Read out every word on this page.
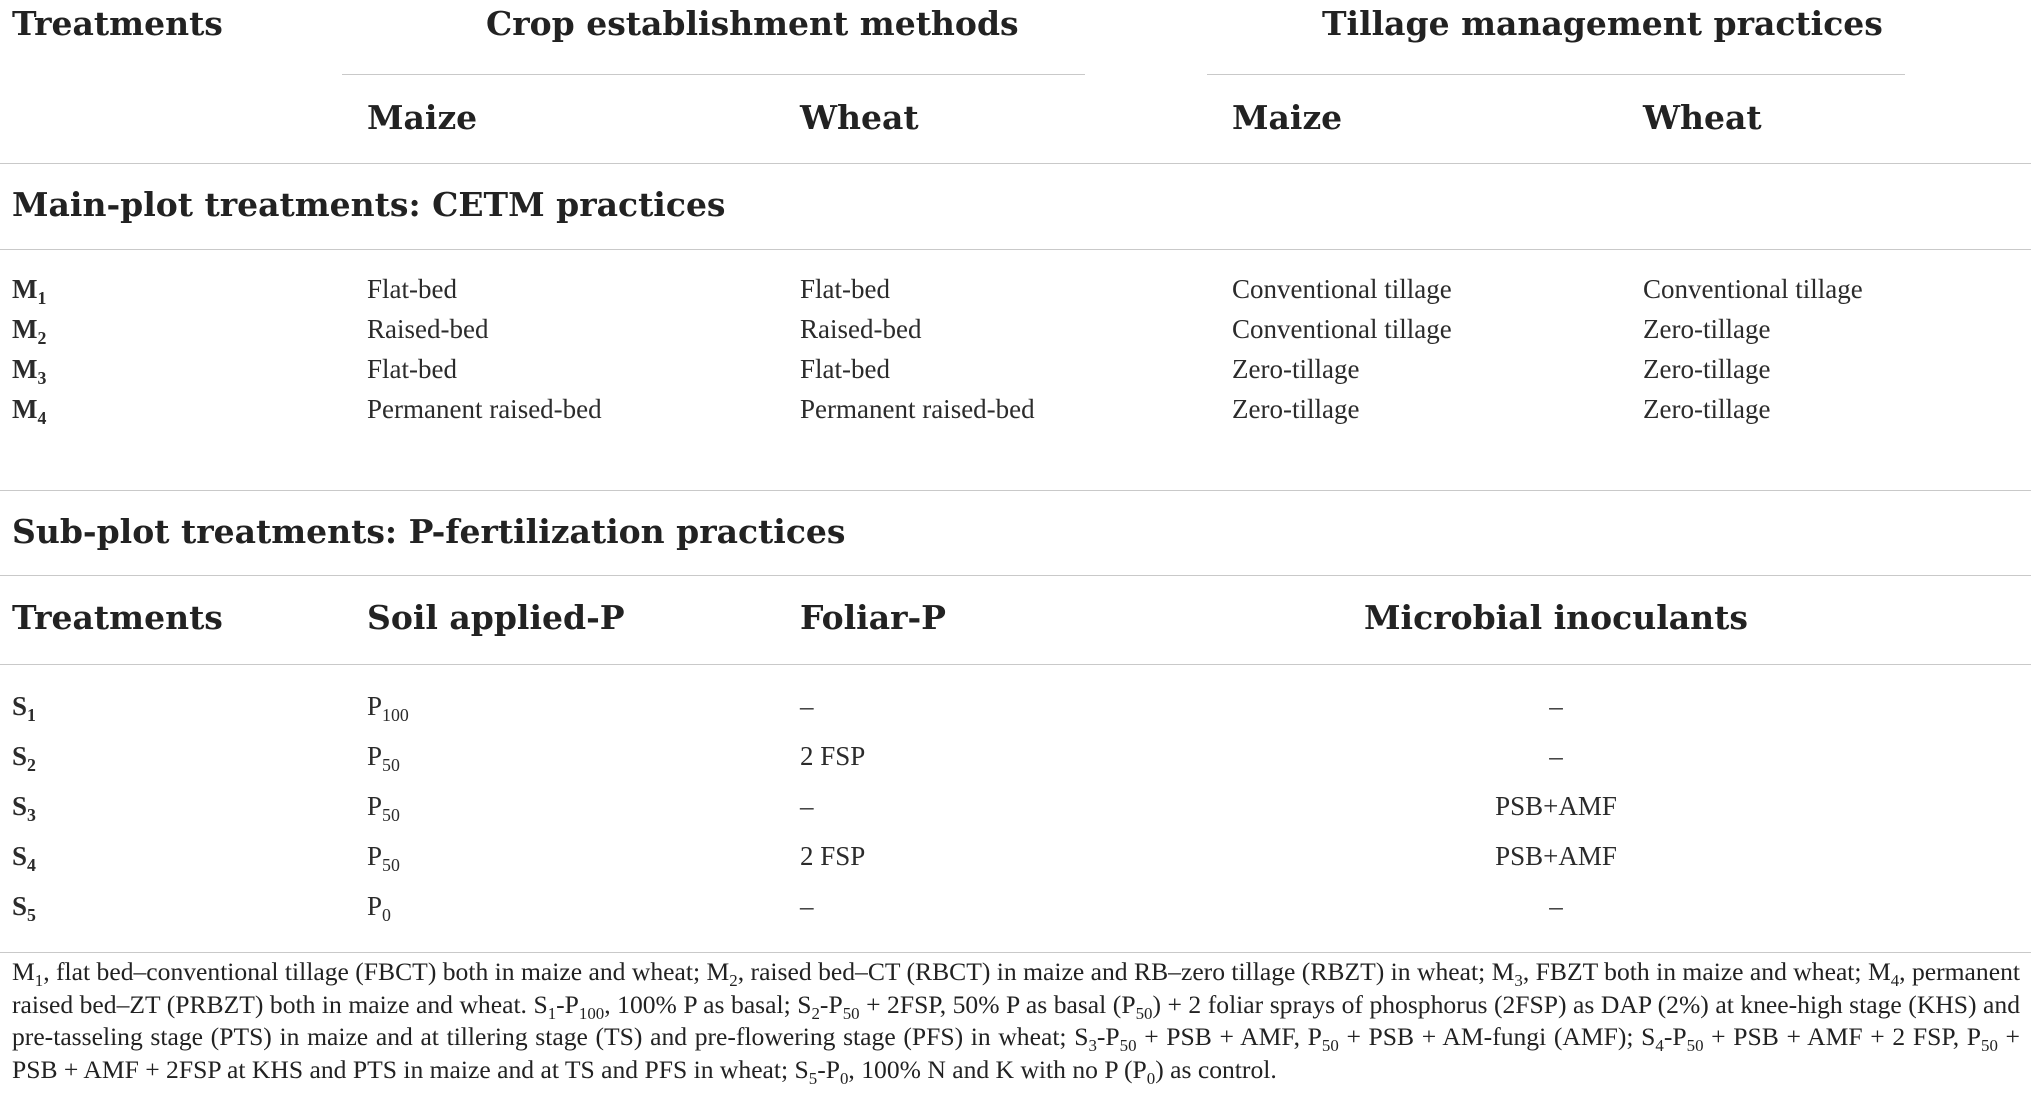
Treatments	Crop establishment methods	Tillage management practices
Maize	Wheat	Maize	Wheat
Main-plot treatments: CETM practices
$M_1$	Flat-bed	Flat-bed	Conventional tillage	Conventional tillage
$M_2$	Raised-bed	Raised-bed	Conventional tillage	Zero-tillage
$M_3$	Flat-bed	Flat-bed	Zero-tillage	Zero-tillage
$M_4$	Permanent raised-bed	Permanent raised-bed	Zero-tillage	Zero-tillage
Sub-plot treatments: P-fertilization practices
Treatments	Soil applied-P	Foliar-P	Microbial inoculants
$S_1$	$P_{100}$	–	–
$S_2$	$P_{50}$	2 FSP	–
$S_3$	$P_{50}$	–	PSB+AMF
$S_4$	$P_{50}$	2 FSP	PSB+AMF
$S_5$	$P_0$	–	–
$M_1$, flat bed–conventional tillage (FBCT) both in maize and wheat; $M_2$, raised bed–CT (RBCT) in maize and RB–zero tillage (RBZT) in wheat; $M_3$, FBZT both in maize and wheat; $M_4$, permanent raised bed–ZT (PRBZT) both in maize and wheat. $S_1-P_{100}$, 100% P as basal; $S_2-P_{50} + 2FSP$, 50% P as basal $(P_{50}) + 2$ foliar sprays of phosphorus (2FSP) as DAP (2%) at knee-high stage (KHS) and pre-tasseling stage (PTS) in maize and at tillering stage (TS) and pre-flowering stage (PFS) in wheat; $S_3-P_{50}$ + PSB + AMF, $P_{50}$ + PSB + AM-fungi (AMF); $S_4-P_{50}$ + PSB + AMF + 2 FSP, $P_{50}$ + PSB + AMF + 2FSP at KHS and PTS in maize and at TS and PFS in wheat; $S_5-P_0$, 100% N and K with no P $(P_0)$ as control.
